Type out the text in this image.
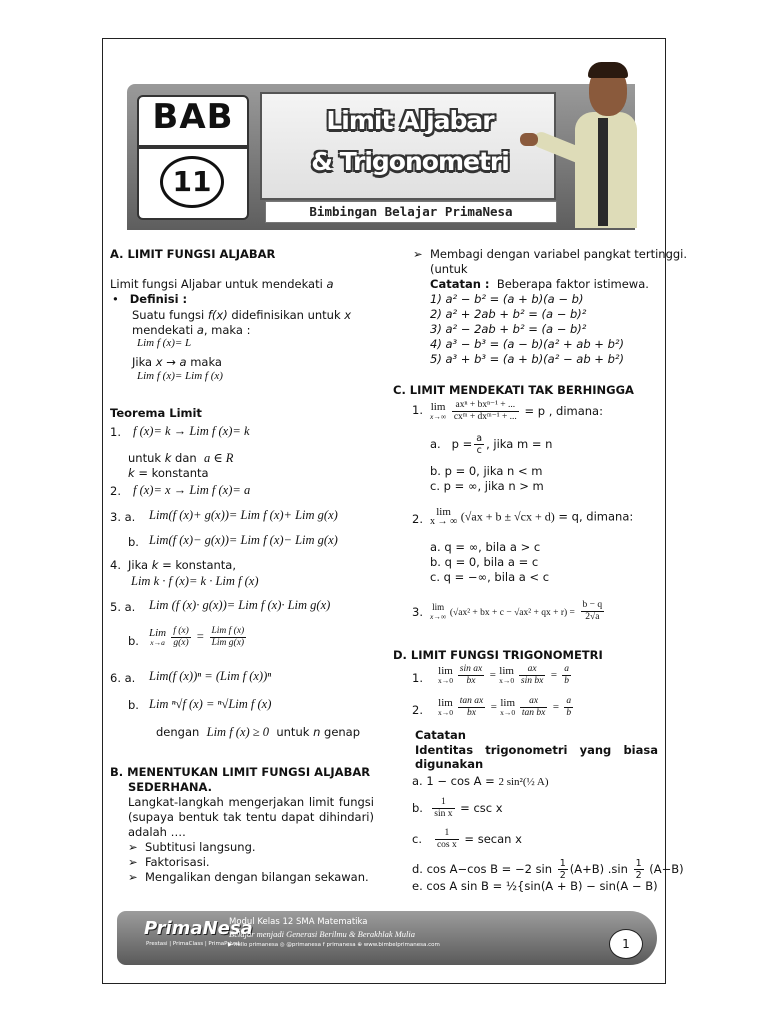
BAB
11
Limit Aljabar
& Trigonometri
Bimbingan Belajar PrimaNesa
A. LIMIT FUNGSI ALJABAR
Limit fungsi Aljabar untuk mendekati a
•   Definisi :
Suatu fungsi f(x) didefinisikan untuk x
mendekati a, maka :
Lim f (x)= L
Jika x → a maka
Lim f (x)= Lim f (x)
Teorema Limit
1. f (x)= k → Lim f (x)= k
untuk k dan a ∈ R
k = konstanta
2. f (x)= x → Lim f (x)= a
3. a. Lim(f (x)+ g(x))= Lim f (x)+ Lim g(x)
b. Lim(f (x)− g(x))= Lim f (x)− Lim g(x)
4. Jika k = konstanta,
Lim k · f (x)= k · Lim f (x)
5. a. Lim (f (x)· g(x))= Lim f (x)· Lim g(x)
b.
Lim
x→a
$\frac{f (x)}{g(x)} = \frac{\text{Lim f (x)}}{\text{Lim g(x)}}$
6. a. Lim(f (x))ⁿ = (Lim f (x))ⁿ
b. Lim ⁿ√f (x) = ⁿ√Lim f (x)
dengan Lim f (x) ≥ 0 untuk n genap
B. MENENTUKAN LIMIT FUNGSI ALJABAR
SEDERHANA.
Langkat-langkah mengerjakan limit fungsi
(supaya bentuk tak tentu dapat dihindari)
adalah ….
➢  Subtitusi langsung.
➢  Faktorisasi.
➢  Mengalikan dengan bilangan sekawan.
➢  Membagi dengan variabel pangkat tertinggi.
(untuk
Catatan : Beberapa faktor istimewa.
1) a² − b² = (a + b)(a − b)
2) a² + 2ab + b² = (a − b)²
3) a² − 2ab + b² = (a − b)²
4) a³ − b³ = (a − b)(a² + ab + b²)
5) a³ + b³ = (a + b)(a² − ab + b²)
C. LIMIT MENDEKATI TAK BERHINGGA
1. lim
x→∞
$\frac{\text{axⁿ + bxⁿ⁻¹ + ...}}{\text{cxᵐ + dxᵐ⁻¹ + ...}} = p$ , dimana:
a. $p = \frac{a}{c}$ , jika m = n
b. p = 0, jika n < m
c. p = ∞, jika n > m
2.	lim
x → ∞ (√ax + b ± √cx + d) = q, dimana:
a. q = ∞, bila a > c
b. q = 0, bila a = c
c. q = −∞, bila a < c
3. lim
x→∞ (√ax² + bx + c − √ax² + qx + $r) = \frac{b - q}{2√a}$
D. LIMIT FUNGSI TRIGONOMETRI
1.
lim
x→0
$\frac{\text{sin ax}}{bx} = \lim$
x→0
$\frac{ax}{\text{sin bx}} = \frac{a}{b}$
2.
lim
x→0
$\frac{\text{tan ax}}{bx} = \lim$
x→0
$\frac{ax}{\text{tan bx}} = \frac{a}{b}$
Catatan
Identitas trigonometri yang biasa
digunakan
a. 1 − cos A = 2 sin²(½ A)
b. $\frac{1}{\text{sin x}} = \csc x$
c. $\frac{1}{\text{cos x}}$ = secan x
d. cos A−cos B = −2 $\sin \frac{1}{2} (A+B)$ $.\sin \frac{1}{2} (A-B)$
e. cos A sin B = ½{sin(A + B) − sin(A − B)
PrimaNesa
Prestasi | PrimaClass | PrimaPrivat
Modul Kelas 12 SMA Matematika
Belajar menjadi Generasi Berilmu & Berakhlak Mulia
▶ hello primanesa ◎ @primanesa f primanesa ⊕ www.bimbelprimanesa.com	1
